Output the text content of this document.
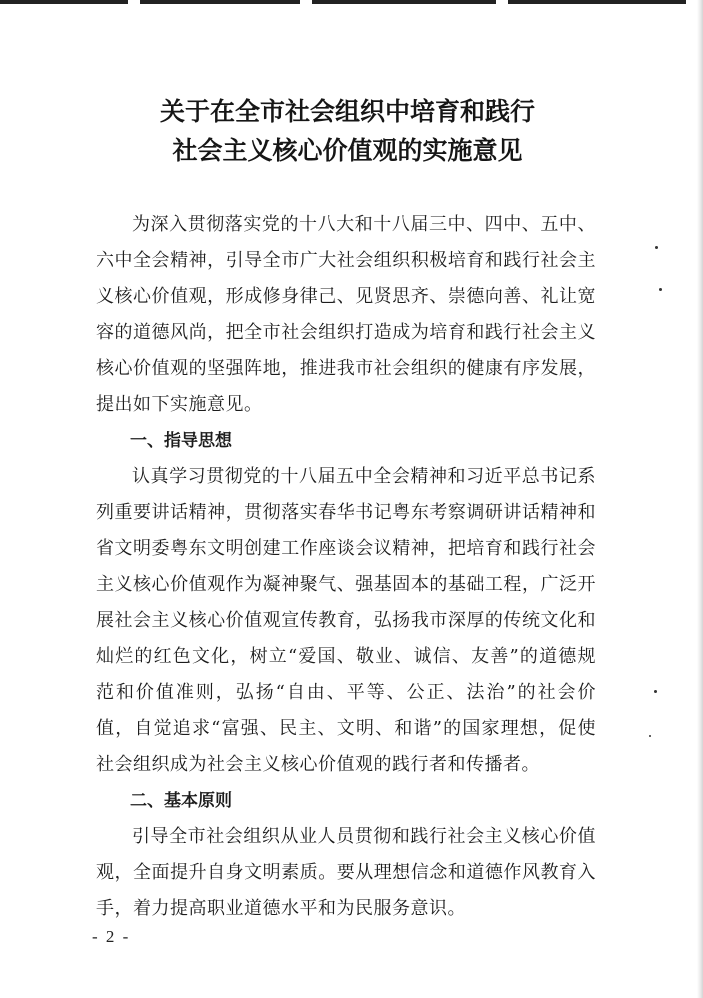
关于在全市社会组织中培育和践行
社会主义核心价值观的实施意见

为深入贯彻落实党的十八大和十八届三中、四中、五中、六中全会精神，引导全市广大社会组织积极培育和践行社会主义核心价值观，形成修身律己、见贤思齐、崇德向善、礼让宽容的道德风尚，把全市社会组织打造成为培育和践行社会主义核心价值观的坚强阵地，推进我市社会组织的健康有序发展，提出如下实施意见。

一、指导思想

认真学习贯彻党的十八届五中全会精神和习近平总书记系列重要讲话精神，贯彻落实春华书记粤东考察调研讲话精神和省文明委粤东文明创建工作座谈会议精神，把培育和践行社会主义核心价值观作为凝神聚气、强基固本的基础工程，广泛开展社会主义核心价值观宣传教育，弘扬我市深厚的传统文化和灿烂的红色文化，树立“爱国、敬业、诚信、友善”的道德规范和价值准则，弘扬“自由、平等、公正、法治”的社会价值，自觉追求“富强、民主、文明、和谐”的国家理想，促使社会组织成为社会主义核心价值观的践行者和传播者。

二、基本原则

引导全市社会组织从业人员贯彻和践行社会主义核心价值观，全面提升自身文明素质。要从理想信念和道德作风教育入手，着力提高职业道德水平和为民服务意识。

- 2 -
